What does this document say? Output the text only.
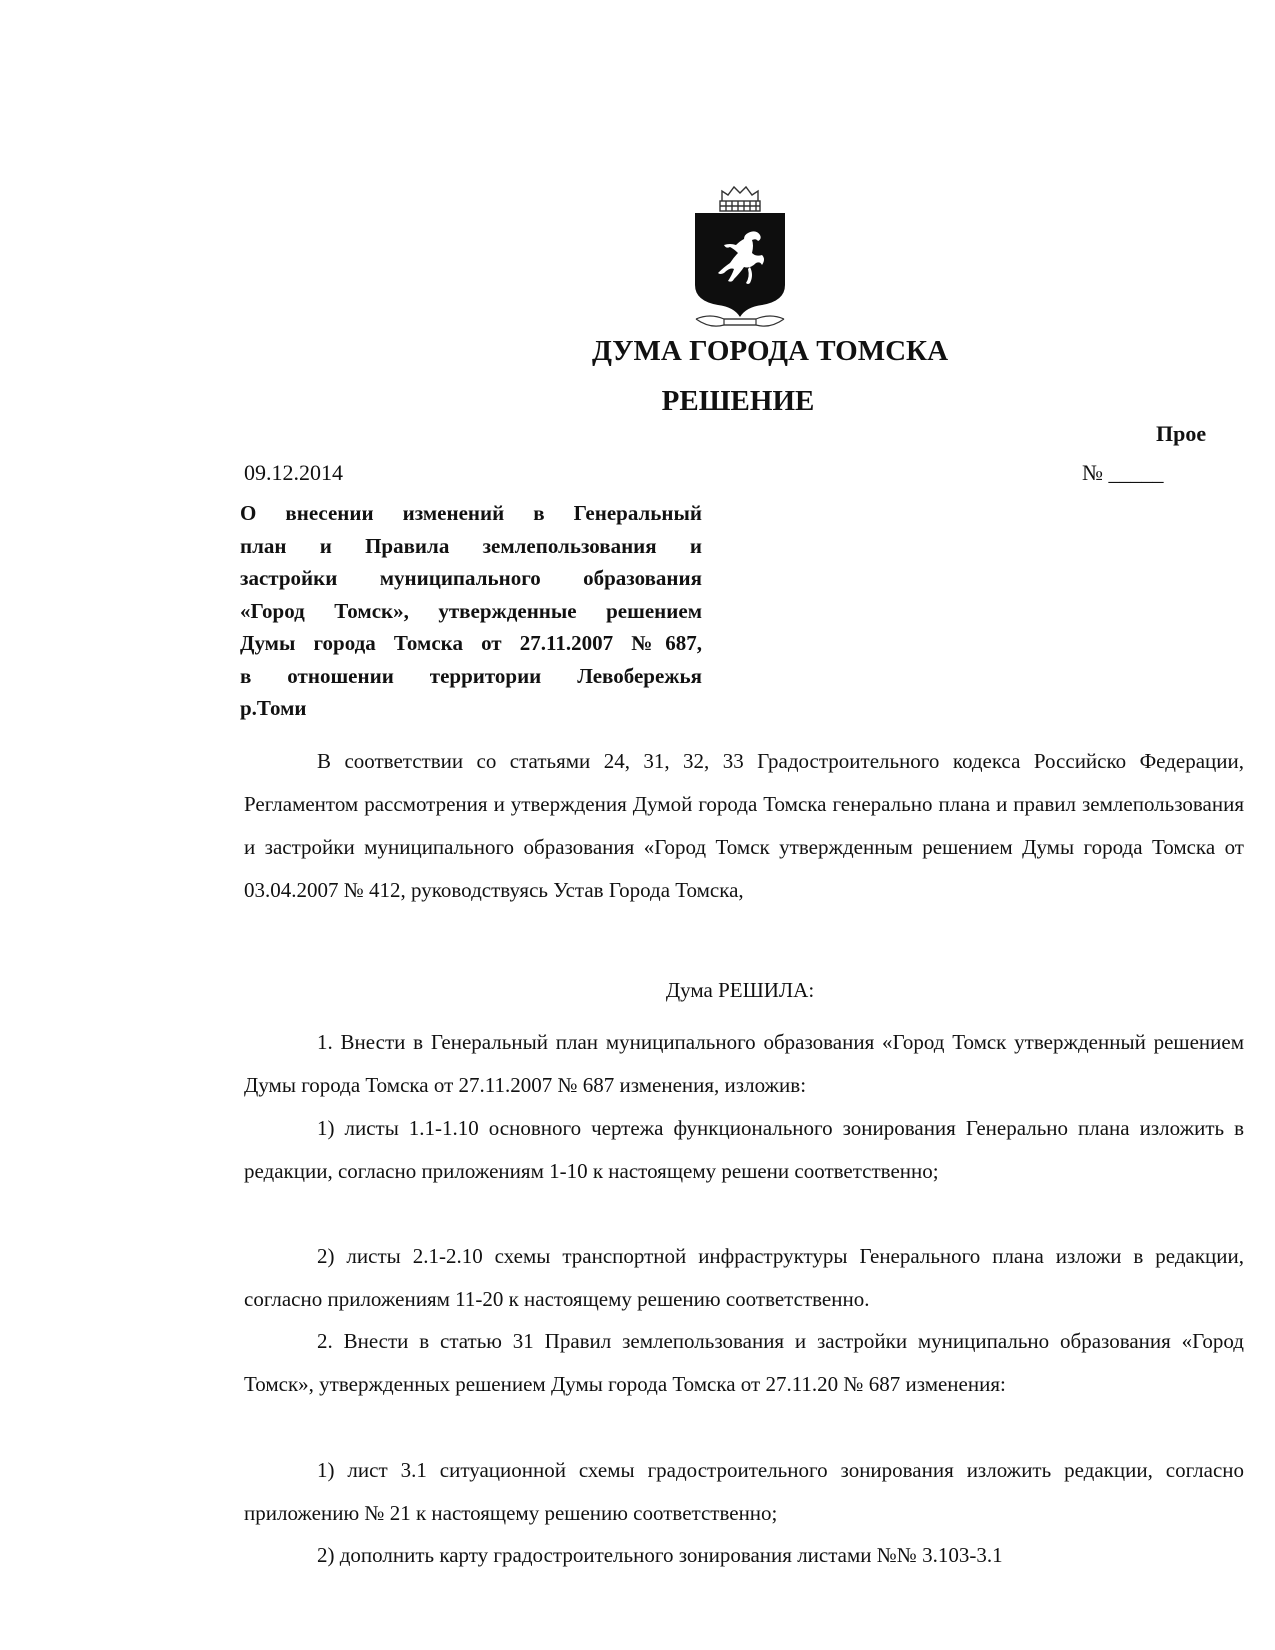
ДУМА ГОРОДА ТОМСКА
РЕШЕНИЕ
Прое
09.12.2014	№ _____
О внесении изменений в Генеральный
план и Правила землепользования и
застройки муниципального образования
«Город Томск», утвержденные решением
Думы города Томска от 27.11.2007 №687,
в отношении территории Левобережья
р.Томи

В соответствии со статьями 24, 31, 32, 33 Градостроительного кодекса Российско Федерации, Регламентом рассмотрения и утверждения Думой города Томска генерально плана и правил землепользования и застройки муниципального образования «Город Томск утвержденным решением Думы города Томска от 03.04.2007 № 412, руководствуясь Устав Города Томска,

Дума РЕШИЛА:

1. Внести в Генеральный план муниципального образования «Город Томск утвержденный решением Думы города Томска от 27.11.2007 № 687 изменения, изложив:

1) листы 1.1-1.10 основного чертежа функционального зонирования Генерально плана изложить в редакции, согласно приложениям 1-10 к настоящему решени соответственно;

2) листы 2.1-2.10 схемы транспортной инфраструктуры Генерального плана изложи в редакции, согласно приложениям 11-20 к настоящему решению соответственно.

2. Внести в статью 31 Правил землепользования и застройки муниципально образования «Город Томск», утвержденных решением Думы города Томска от 27.11.20 № 687 изменения:

1) лист 3.1 ситуационной схемы градостроительного зонирования изложить редакции, согласно приложению № 21 к настоящему решению соответственно;

2) дополнить карту градостроительного зонирования листами №№ 3.103-3.1
